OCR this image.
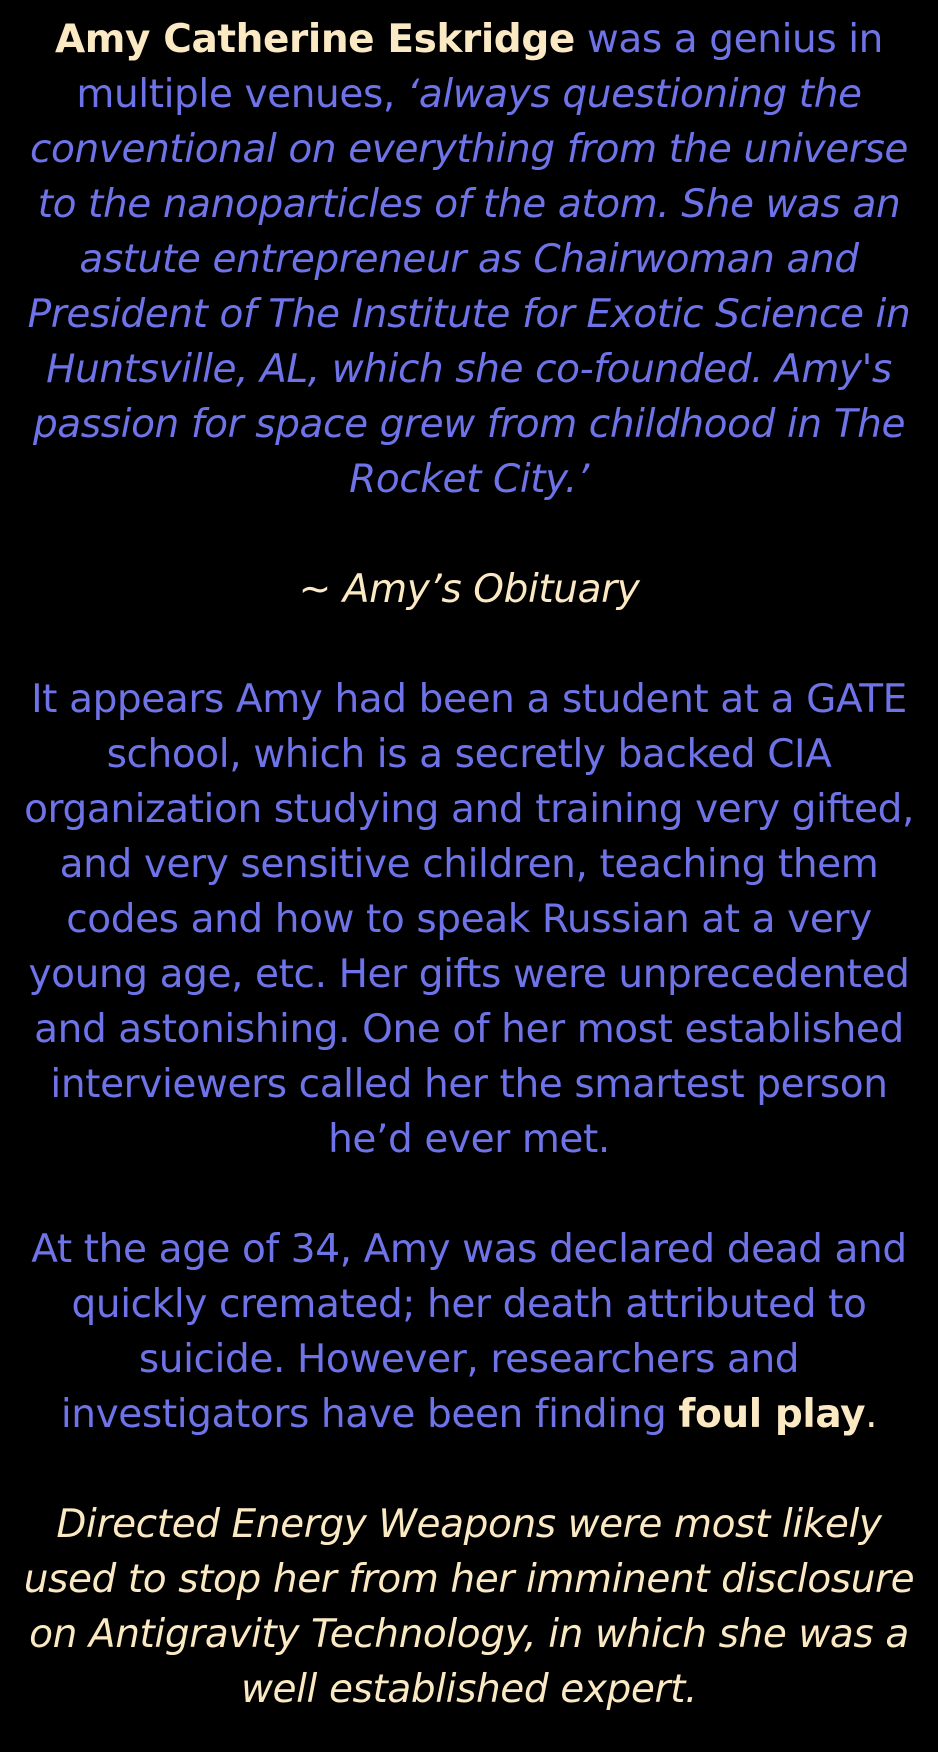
Amy Catherine Eskridge was a genius in multiple venues, ‘always questioning the conventional on everything from the universe to the nanoparticles of the atom. She was an astute entrepreneur as Chairwoman and President of The Institute for Exotic Science in Huntsville, AL, which she co-founded. Amy's passion for space grew from childhood in The Rocket City.’

~ Amy’s Obituary

It appears Amy had been a student at a GATE school, which is a secretly backed CIA organization studying and training very gifted, and very sensitive children, teaching them codes and how to speak Russian at a very young age, etc. Her gifts were unprecedented and astonishing. One of her most established interviewers called her the smartest person he’d ever met.

At the age of 34, Amy was declared dead and quickly cremated; her death attributed to suicide. However, researchers and investigators have been finding foul play.

Directed Energy Weapons were most likely used to stop her from her imminent disclosure on Antigravity Technology, in which she was a well established expert.
